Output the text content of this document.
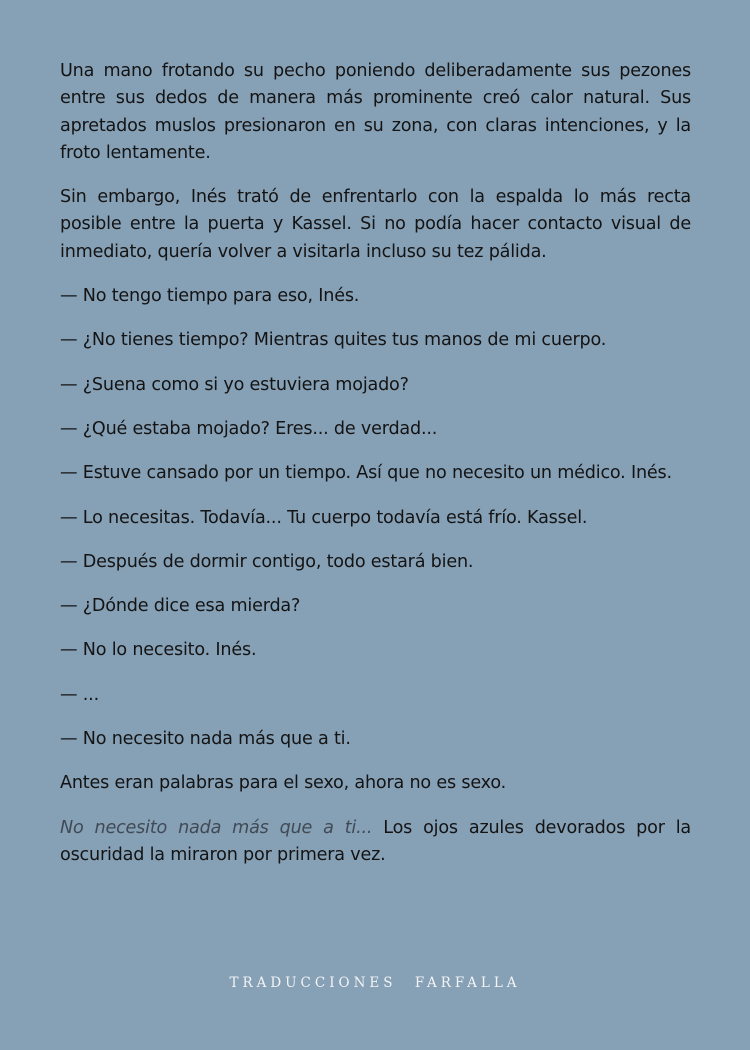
Una mano frotando su pecho poniendo deliberadamente sus pezones entre sus dedos de manera más prominente creó calor natural. Sus apretados muslos presionaron en su zona, con claras intenciones, y la froto lentamente.

Sin embargo, Inés trató de enfrentarlo con la espalda lo más recta posible entre la puerta y Kassel. Si no podía hacer contacto visual de inmediato, quería volver a visitarla incluso su tez pálida.

— No tengo tiempo para eso, Inés.

— ¿No tienes tiempo? Mientras quites tus manos de mi cuerpo.

— ¿Suena como si yo estuviera mojado?

— ¿Qué estaba mojado? Eres... de verdad...

— Estuve cansado por un tiempo. Así que no necesito un médico. Inés.

— Lo necesitas. Todavía... Tu cuerpo todavía está frío. Kassel.

— Después de dormir contigo, todo estará bien.

— ¿Dónde dice esa mierda?

— No lo necesito. Inés.

— ...

— No necesito nada más que a ti.

Antes eran palabras para el sexo, ahora no es sexo.

No necesito nada más que a ti... Los ojos azules devorados por la oscuridad la miraron por primera vez.

TRADUCCIONES FARFALLA
